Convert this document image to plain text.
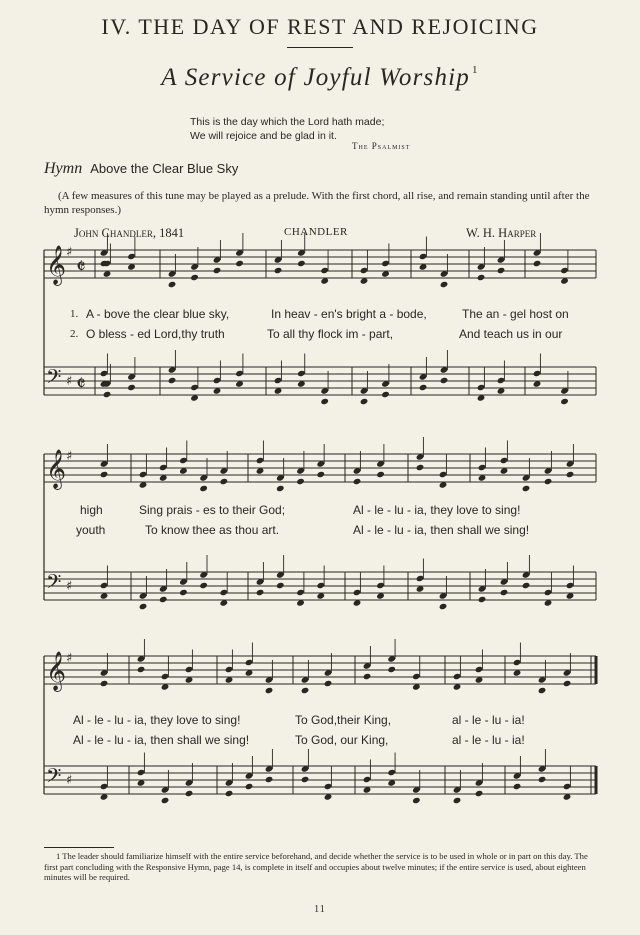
IV. THE DAY OF REST AND REJOICING
A Service of Joyful Worship $^1$
This is the day which the Lord hath made;
We will rejoice and be glad in it.
The Psalmist
Hymn Above the Clear Blue Sky
(A few measures of this tune may be played as a prelude. With the first chord, all rise, and remain standing until after the hymn responses.)
John Chandler, 1841	CHANDLER	W. H. Harper
𝄞 ♯
𝄵
𝄢 ♯ 𝄵
𝄞 ♯
𝄢 ♯
𝄞 ♯
𝄢 ♯
1.
2.
A - bove the clear blue sky,	In heav - en's bright a - bode,	The an - gel host on
O bless - ed Lord,thy truth	To all thy flock im - part,	And teach us in our
high	Sing prais - es to their God;	Al - le - lu - ia, they love to sing!
youth	To know thee as thou art.	Al - le - lu - ia, then shall we sing!
Al - le - lu - ia, they love to sing!	To God,their King,	al - le - lu - ia!
Al - le - lu - ia, then shall we sing!	To God, our King,	al - le - lu - ia!
1 The leader should familiarize himself with the entire service beforehand, and decide whether the service is to be used in whole or in part on this day. The first part concluding with the Responsive Hymn, page 14, is complete in itself and occupies about twelve minutes; if the entire service is used, about eighteen minutes will be required.
11
